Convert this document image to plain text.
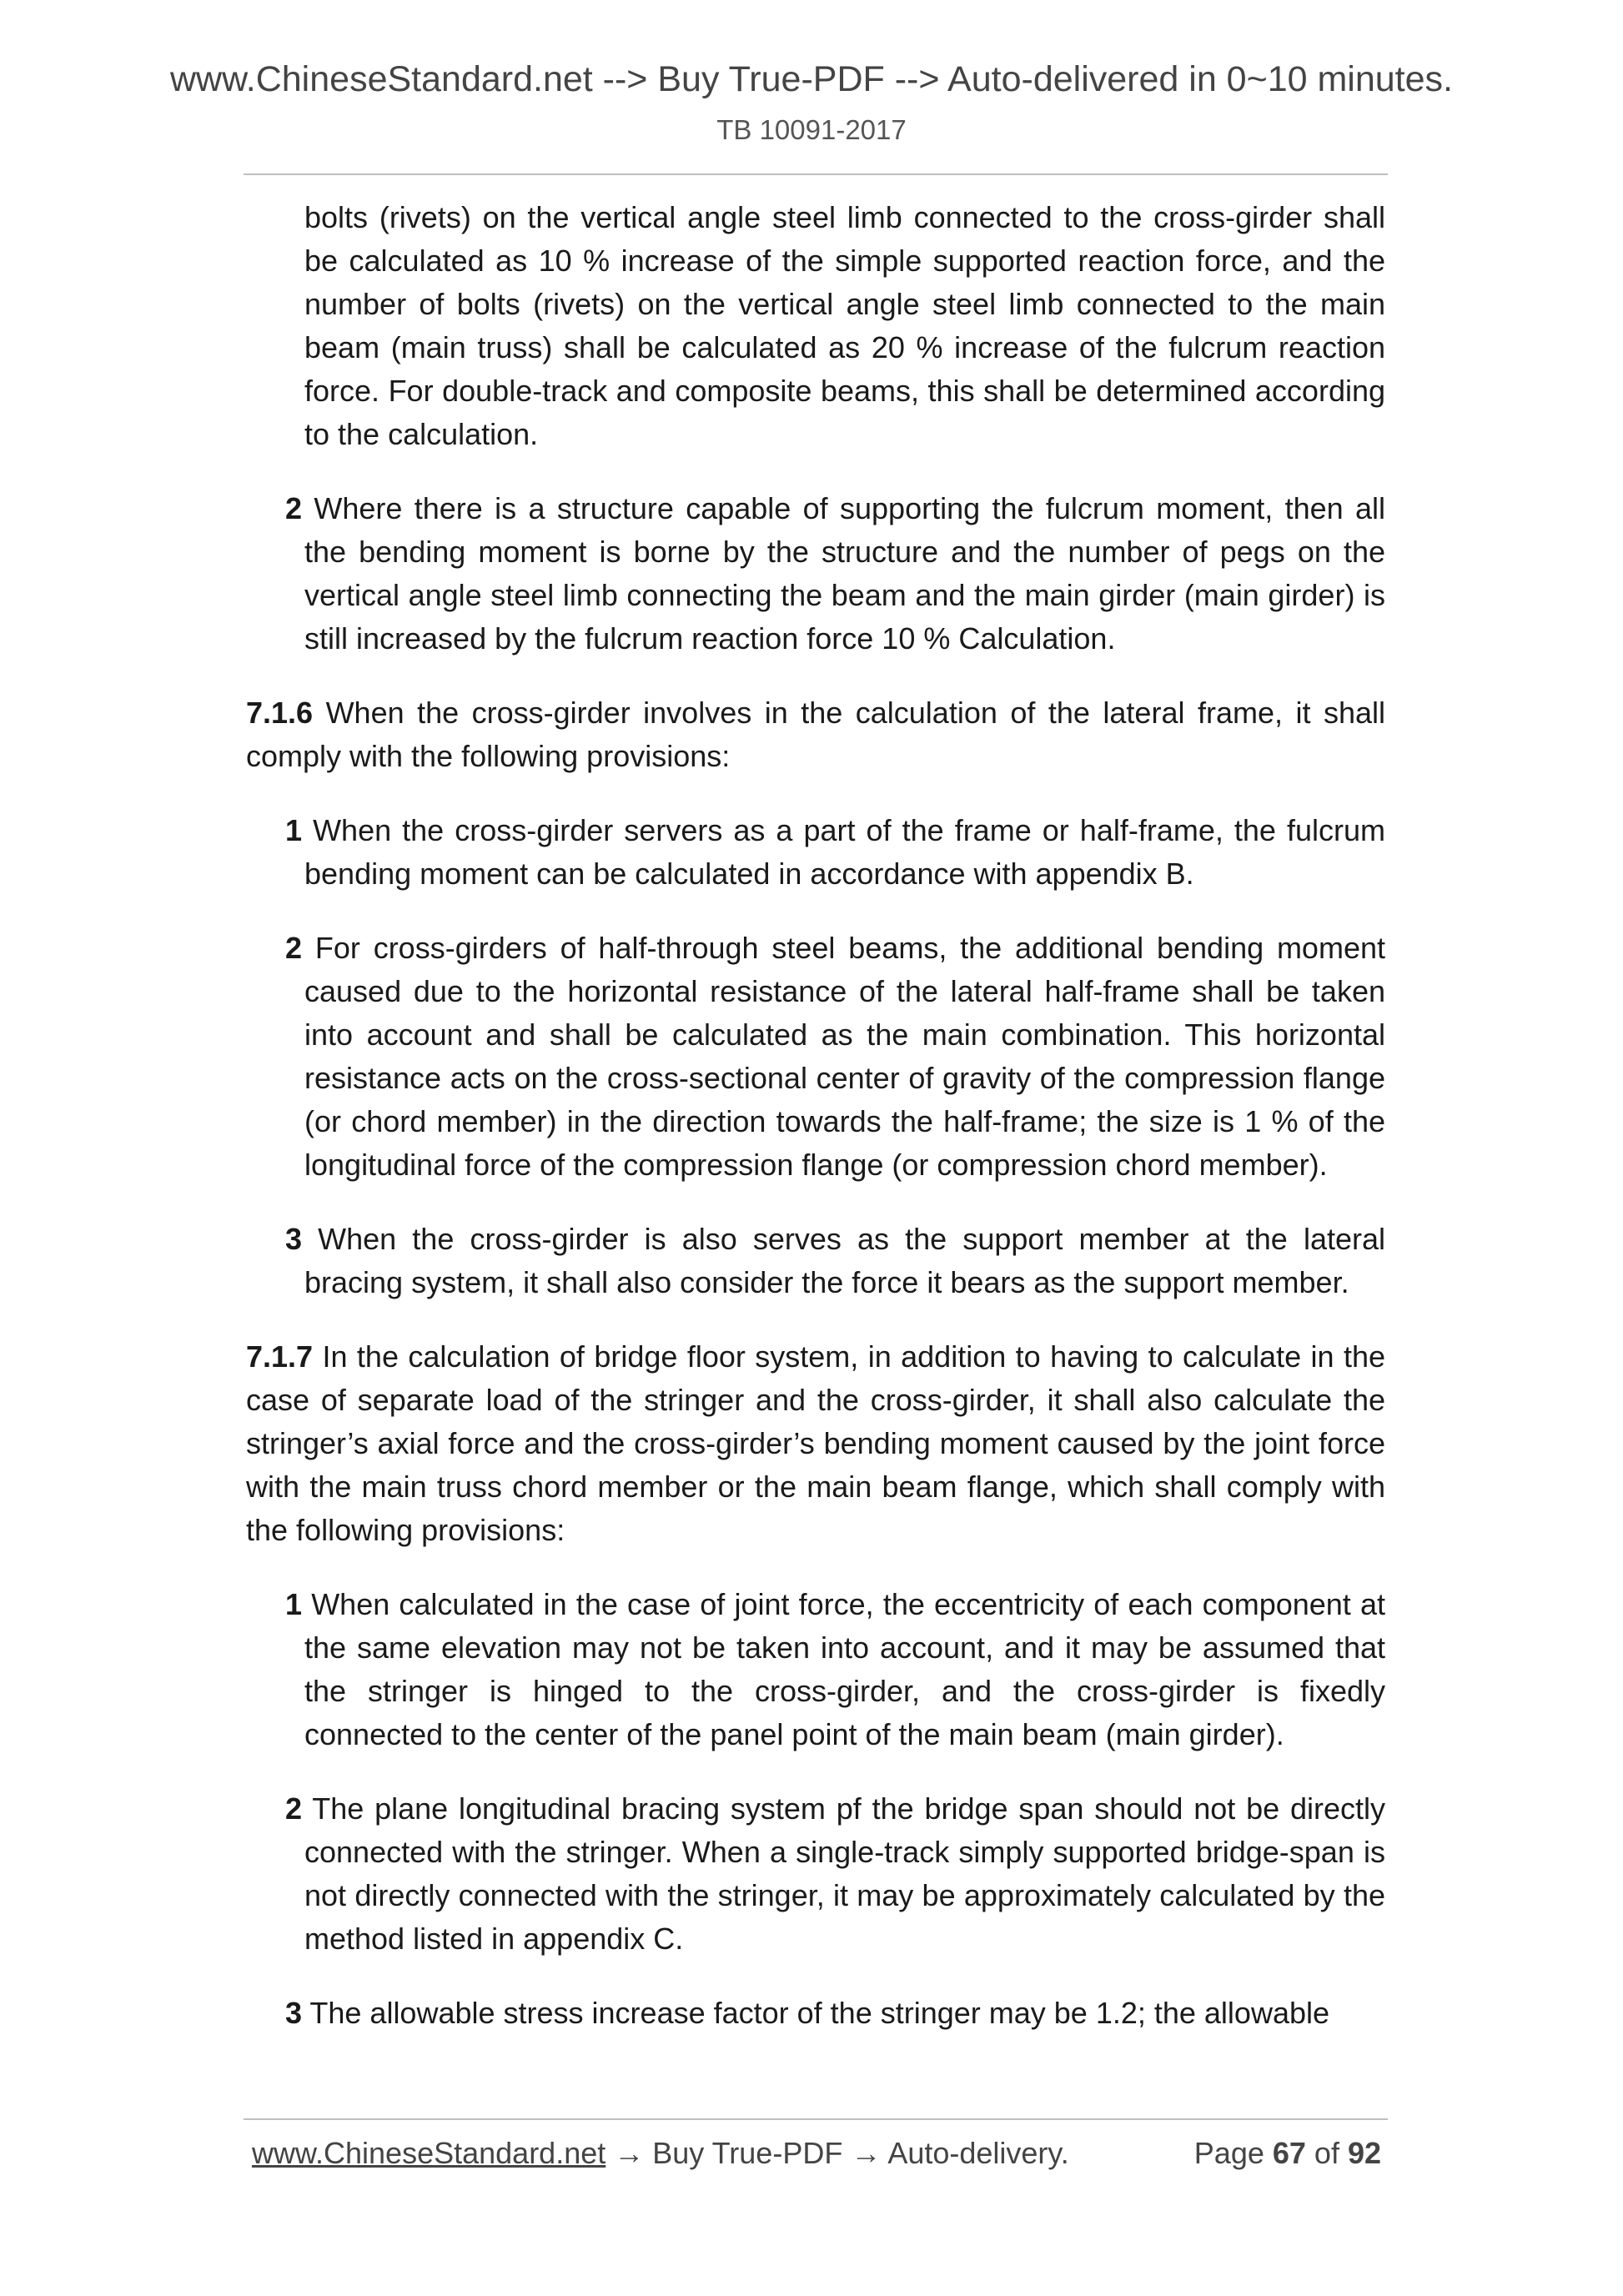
www.ChineseStandard.net --> Buy True-PDF --> Auto-delivered in 0~10 minutes.
TB 10091-2017

bolts (rivets) on the vertical angle steel limb connected to the cross-girder shall be calculated as 10 % increase of the simple supported reaction force, and the number of bolts (rivets) on the vertical angle steel limb connected to the main beam (main truss) shall be calculated as 20 % increase of the fulcrum reaction force. For double-track and composite beams, this shall be determined according to the calculation.

2 Where there is a structure capable of supporting the fulcrum moment, then all the bending moment is borne by the structure and the number of pegs on the vertical angle steel limb connecting the beam and the main girder (main girder) is still increased by the fulcrum reaction force 10 % Calculation.

7.1.6 When the cross-girder involves in the calculation of the lateral frame, it shall comply with the following provisions:

1 When the cross-girder servers as a part of the frame or half-frame, the fulcrum bending moment can be calculated in accordance with appendix B.

2 For cross-girders of half-through steel beams, the additional bending moment caused due to the horizontal resistance of the lateral half-frame shall be taken into account and shall be calculated as the main combination. This horizontal resistance acts on the cross-sectional center of gravity of the compression flange (or chord member) in the direction towards the half-frame; the size is 1 % of the longitudinal force of the compression flange (or compression chord member).

3 When the cross-girder is also serves as the support member at the lateral bracing system, it shall also consider the force it bears as the support member.

7.1.7 In the calculation of bridge floor system, in addition to having to calculate in the case of separate load of the stringer and the cross-girder, it shall also calculate the stringer’s axial force and the cross-girder’s bending moment caused by the joint force with the main truss chord member or the main beam flange, which shall comply with the following provisions:

1 When calculated in the case of joint force, the eccentricity of each component at the same elevation may not be taken into account, and it may be assumed that the stringer is hinged to the cross-girder, and the cross-girder is fixedly connected to the center of the panel point of the main beam (main girder).

2 The plane longitudinal bracing system pf the bridge span should not be directly connected with the stringer. When a single-track simply supported bridge-span is not directly connected with the stringer, it may be approximately calculated by the method listed in appendix C.

3 The allowable stress increase factor of the stringer may be 1.2; the allowable

www.ChineseStandard.net → Buy True-PDF → Auto-delivery.	Page 67 of 92
